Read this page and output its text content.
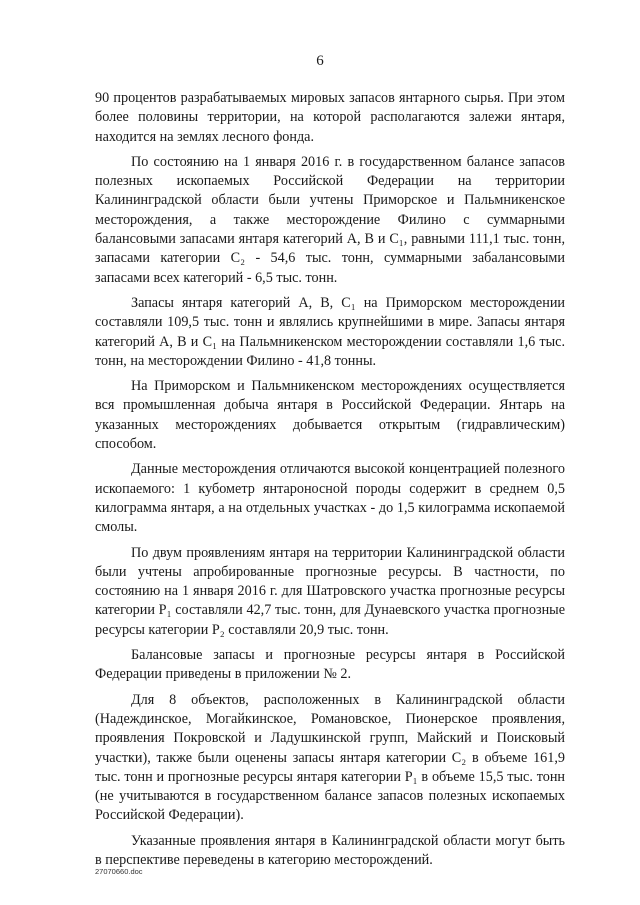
6

90 процентов разрабатываемых мировых запасов янтарного сырья. При этом более половины территории, на которой располагаются залежи янтаря, находится на землях лесного фонда.

По состоянию на 1 января 2016 г. в государственном балансе запасов полезных ископаемых Российской Федерации на территории Калининградской области были учтены Приморское и Пальмникенское месторождения, а также месторождение Филино с суммарными балансовыми запасами янтаря категорий А, В и C₁, равными 111,1 тыс. тонн, запасами категории C₂ - 54,6 тыс. тонн, суммарными забалансовыми запасами всех категорий - 6,5 тыс. тонн.

Запасы янтаря категорий А, В, C₁ на Приморском месторождении составляли 109,5 тыс. тонн и являлись крупнейшими в мире. Запасы янтаря категорий А, В и C₁ на Пальмникенском месторождении составляли 1,6 тыс. тонн, на месторождении Филино - 41,8 тонны.

На Приморском и Пальмникенском месторождениях осуществляется вся промышленная добыча янтаря в Российской Федерации. Янтарь на указанных месторождениях добывается открытым (гидравлическим) способом.

Данные месторождения отличаются высокой концентрацией полезного ископаемого: 1 кубометр янтароносной породы содержит в среднем 0,5 килограмма янтаря, а на отдельных участках - до 1,5 килограмма ископаемой смолы.

По двум проявлениям янтаря на территории Калининградской области были учтены апробированные прогнозные ресурсы. В частности, по состоянию на 1 января 2016 г. для Шатровского участка прогнозные ресурсы категории P₁ составляли 42,7 тыс. тонн, для Дунаевского участка прогнозные ресурсы категории P₂ составляли 20,9 тыс. тонн.

Балансовые запасы и прогнозные ресурсы янтаря в Российской Федерации приведены в приложении № 2.

Для 8 объектов, расположенных в Калининградской области (Надеждинское, Могайкинское, Романовское, Пионерское проявления, проявления Покровской и Ладушкинской групп, Майский и Поисковый участки), также были оценены запасы янтаря категории C₂ в объеме 161,9 тыс. тонн и прогнозные ресурсы янтаря категории P₁ в объеме 15,5 тыс. тонн (не учитываются в государственном балансе запасов полезных ископаемых Российской Федерации).

Указанные проявления янтаря в Калининградской области могут быть в перспективе переведены в категорию месторождений.

27070660.doc
